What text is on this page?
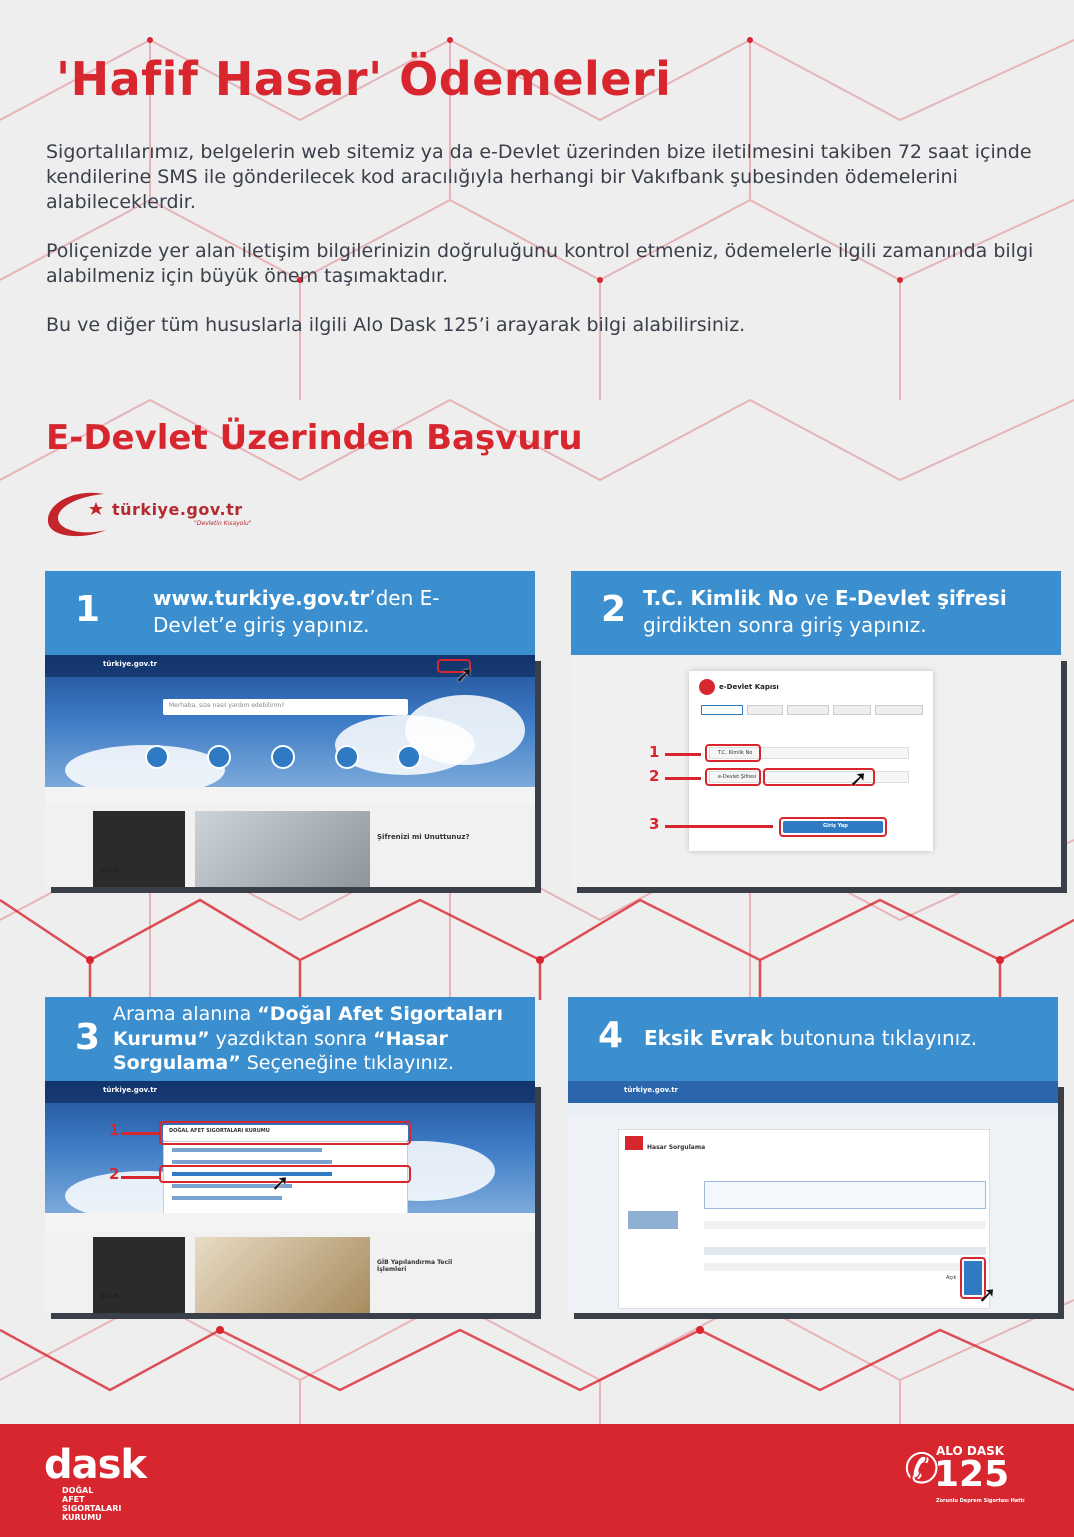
'Hafif Hasar' Ödemeleri

Sigortalılarımız, belgelerin web sitemiz ya da e-Devlet üzerinden bize iletilmesini takiben 72 saat içinde kendilerine SMS ile gönderilecek kod aracılığıyla herhangi bir Vakıfbank şubesinden ödemelerini alabileceklerdir.

Poliçenizde yer alan iletişim bilgilerinizin doğruluğunu kontrol etmeniz, ödemelerle ilgili zamanında bilgi alabilmeniz için büyük önem taşımaktadır.

Bu ve diğer tüm hususlarla ilgili Alo Dask 125’i arayarak bilgi alabilirsiniz.

E-Devlet Üzerinden Başvuru
türkiye.gov.tr
"Devletin Kısayolu"
1	www.turkiye.gov.tr’den E-Devlet’e giriş yapınız.
türkiye.gov.tr	➚
Merhaba, size nasıl yardım edebilirim?
ATAM
Şifrenizi mi Unuttunuz?
2 T.C. Kimlik No ve E-Devlet şifresi girdikten sonra giriş yapınız.
e-Devlet Kapısı
T.C. Kimlik No
e-Devlet Şifresi	➚
Giriş Yap
1
2
3
3
Arama alanına “Doğal Afet Sigortaları Kurumu” yazdıktan sonra “Hasar Sorgulama” Seçeneğine tıklayınız.
türkiye.gov.tr
DOĞAL AFET SIGORTALARI KURUMU
➚
1
2
ATAM
GİB Yapılandırma Tecil İşlemleri
4 Eksik Evrak butonuna tıklayınız.
türkiye.gov.tr
Hasar Sorgulama
Açık
➚
dask
DOĞAL
AFET
SIGORTALARI
KURUMU
✆
ALO DASK
125
Zorunlu Deprem Sigortası Hattı
